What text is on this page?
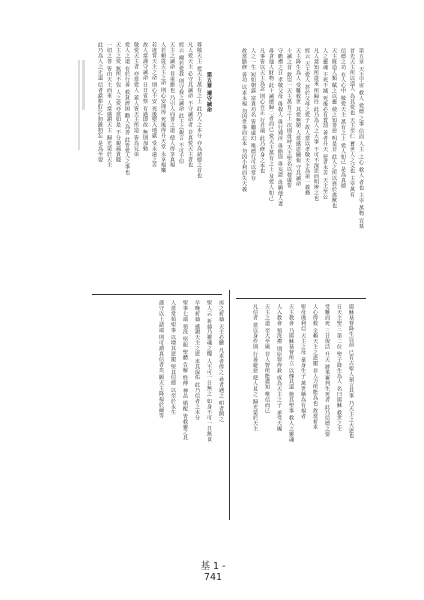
第五章 天主宇宙 救人 愛德 之事 信而 人主 之心 救人 者也 主宰 萬物 宜慕
首先天主所以造人 為其愛也 天主至仁 實世人之父也 主宰萬有
信德之功 在人心中 敬愛天主 萬有之上 愛人如己 是為真德
天主既造人類 賦之以靈 使之知善惡 明是非 此人之所以異於禽獸也
人之靈魂 不死不滅 死後必有賞罰 善者升天 惡者永苦 天主至公
凡人當知所從來 所歸往 此乃為人之大事 不可不深思而明辨之也
經云 天主愛人 甚於父母之愛子 故人當以孝敬天主為第一義務
天主降生為人 受難救世 其愛無窮 人當感恩圖報 守其誡命
十誡之首 欽崇一天主萬有之上 次則毋呼天主聖名以發虛誓
守瞻禮之日 孝敬父母 毋殺人 毋行邪淫 毋偷盜 毋妄證 毋願他人妻
毋貪他人財物 此十誡總歸二者而已 愛天主萬有之上 及愛人如己
凡事皆以天主為念 則心自正 行自端 此乃修身之本也
人之一生 短如朝露 富貴功名 皆屬虛幻 唯德行可以常存
故當勤修 善功 以求永福 勿因世事而忘本 勿因小利而失大義
第五章 遵守誡命
尊敬天主 愛天主萬有之上 此乃人之本分 亦為諸德之首也
凡人愛天主 必守其誡命 不守誡命者 非真愛天主者也
經云 爾若愛我 則守我之誡命 此主之親言 不可不信
天主之誡命 非重擔也 乃引人向善之道 使人得享真福
人若順從天主之命 則心安理得 死後得升天堂 永享福樂
若違背天主之命 則心不安 死後墮入地獄 受永遠之苦
故人當謹守誡命 日日省察 有過即改 無則加勉
敬愛天主者 亦當愛人 蓋人皆天主所造 皆為兄弟
愛人之道 在於行善 救貧濟困 勸人為善 此皆愛人之事也
天主之愛 無所不包 人之愛亦當如是 不分親疏貴賤
一切之善 皆由天主而來 人當感謝天主 歸光榮於天主
此乃為人之正道 信者當奉行之 勿違勿忘 是為至要
耶穌基督降生以前 已有古聖人預言其事 乃天主之大恩也
日天主聖三 第二位 聖子降生為人 名曰耶穌 救世之主
受難而死 三日復活 升天 將來審判生死者 此乃信德之要
人心得救 全賴天主之恩寵 非人力所能為也 故當祈求
聖母瑪利亞 天主之母 童身生子 萬世稱為有福者
天主教會 乃耶穌基督所立 以傳其道 施其聖事 救人之靈魂
人入教會 領洗禮 則原罪得赦 成為天主之子 承受天國
天主之道 至大至廣 非人智所能盡知 唯信而已
凡信者 當以身作則 行善避惡 使人見之 歸光榮於天主
再之祈禱 天主必聽 凡求者得之 尋者遇之 叩者開之
聖人云 祈禱乃靈魂之糧 人不可一日無之 如身不可一日無食
早晚祈禱 感謝天主之恩 求其保佑 此乃信者之本分
聖事七端 領洗 堅振 聖體 告解 終傅 神品 婚配 皆救靈之具
人當常領聖事 以增其恩寵 堅其信德 以至於永生
謹守以上諸端 則可謂真信者矣 願天主降福於爾等
基 1 - 741
